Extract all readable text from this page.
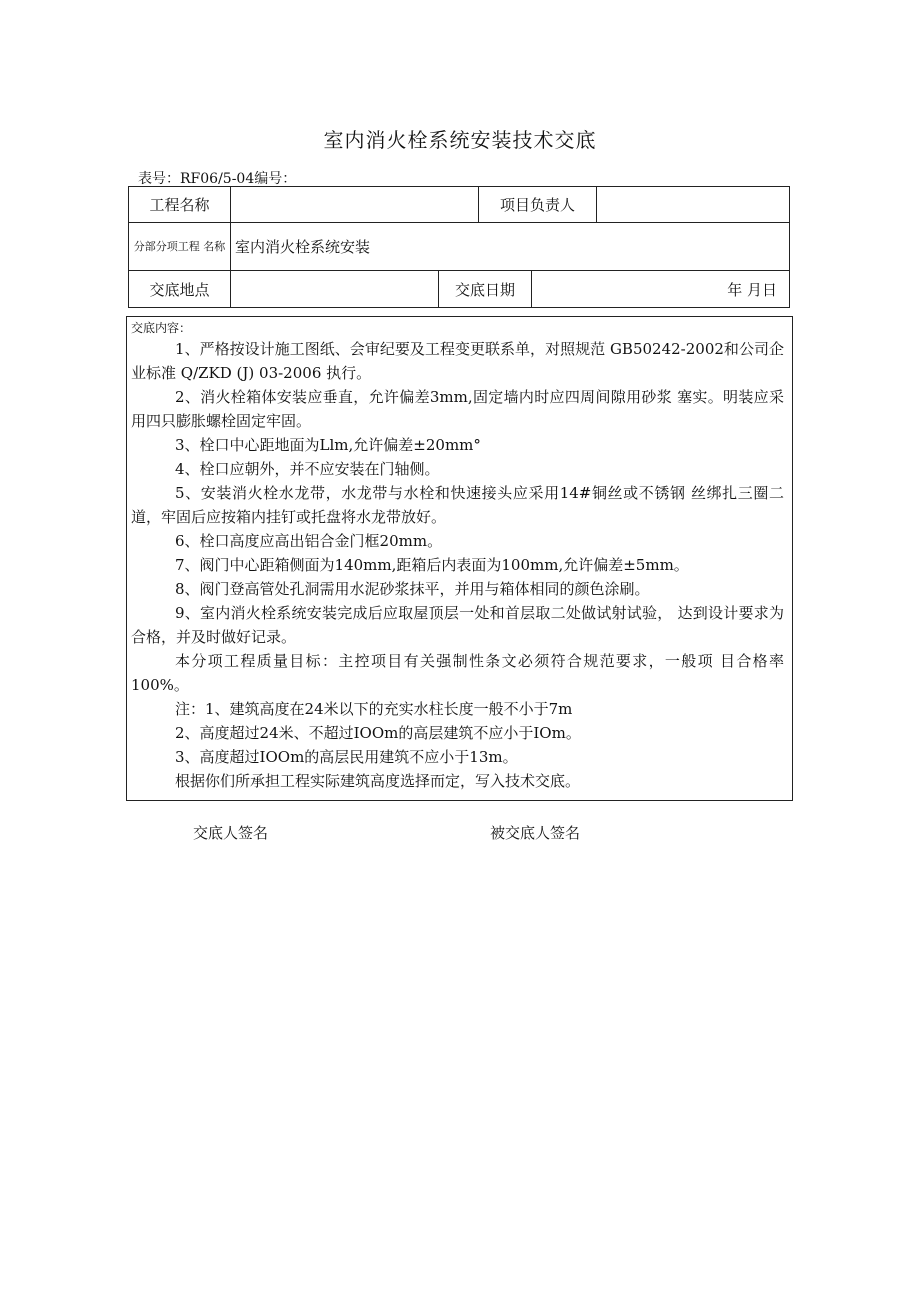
室内消火栓系统安装技术交底
表号：RF06/5-04编号：
工程名称	项目负责人
分部分项工程 名称 室内消火栓系统安装
交底地点	交底日期	年 月日
交底内容：

1、严格按设计施工图纸、会审纪要及工程变更联系单，对照规范 GB50242-2002和公司企业标准 Q/ZKD (J) 03-2006 执行。

2、消火栓箱体安装应垂直，允许偏差3mm,固定墙内时应四周间隙用砂浆 塞实。明装应采用四只膨胀螺栓固定牢固。

3、栓口中心距地面为Llm,允许偏差±20mm°

4、栓口应朝外，并不应安装在门轴侧。

5、安装消火栓水龙带，水龙带与水栓和快速接头应采用14#铜丝或不锈钢 丝绑扎三圈二道，牢固后应按箱内挂钉或托盘将水龙带放好。

6、栓口高度应高出铝合金门框20mm。

7、阀门中心距箱侧面为140mm,距箱后内表面为100mm,允许偏差±5mm。

8、阀门登高管处孔洞需用水泥砂浆抹平，并用与箱体相同的颜色涂刷。

9、室内消火栓系统安装完成后应取屋顶层一处和首层取二处做试射试验， 达到设计要求为合格，并及时做好记录。

本分项工程质量目标：主控项目有关强制性条文必须符合规范要求，一般项 目合格率100%。

注：1、建筑高度在24米以下的充实水柱长度一般不小于7m

2、高度超过24米、不超过IOOm的高层建筑不应小于IOm。

3、高度超过IOOm的高层民用建筑不应小于13m。

根据你们所承担工程实际建筑高度选择而定，写入技术交底。

交底人签名	被交底人签名
